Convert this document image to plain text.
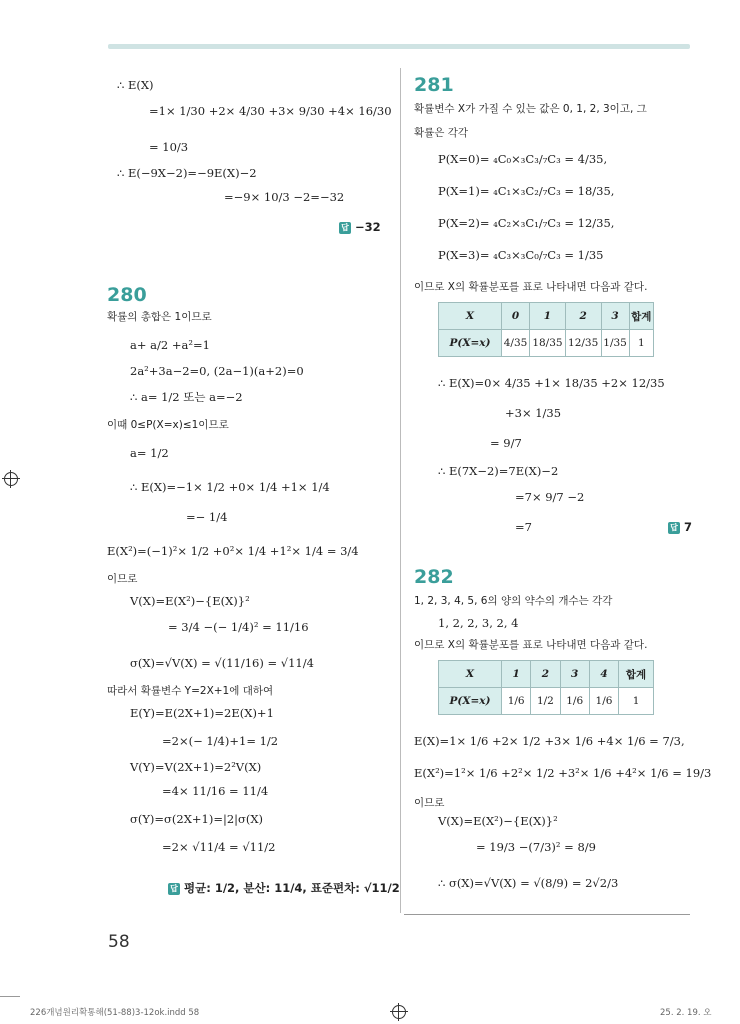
∴ E(X)
=1× 1/30 +2× 4/30 +3× 9/30 +4× 16/30
= 10/3
∴ E(−9X−2)=−9E(X)−2
=−9× 10/3 −2=−32
답 −32
280
확률의 총합은 1이므로
a+ a/2 +a²=1
2a²+3a−2=0, (2a−1)(a+2)=0
∴ a= 1/2 또는 a=−2
이때 0≤P(X=x)≤1이므로
a= 1/2
∴ E(X)=−1× 1/2 +0× 1/4 +1× 1/4
=− 1/4
E(X²)=(−1)²× 1/2 +0²× 1/4 +1²× 1/4 = 3/4
이므로
V(X)=E(X²)−{E(X)}²
= 3/4 −(− 1/4)² = 11/16
σ(X)=√V(X) = √(11/16) = √11/4
따라서 확률변수 Y=2X+1에 대하여
E(Y)=E(2X+1)=2E(X)+1
=2×(− 1/4)+1= 1/2
V(Y)=V(2X+1)=2²V(X)
=4× 11/16 = 11/4
σ(Y)=σ(2X+1)=|2|σ(X)
=2× √11/4 = √11/2
답 평균: 1/2, 분산: 11/4, 표준편차: √11/2
281
확률변수 X가 가질 수 있는 값은 0, 1, 2, 3이고, 그
확률은 각각
P(X=0)= ₄C₀×₃C₃/₇C₃ = 4/35,
P(X=1)= ₄C₁×₃C₂/₇C₃ = 18/35,
P(X=2)= ₄C₂×₃C₁/₇C₃ = 12/35,
P(X=3)= ₄C₃×₃C₀/₇C₃ = 1/35
이므로 X의 확률분포를 표로 나타내면 다음과 같다.
X	0	1	2	3	합계
P(X=x)	4/35	18/35	12/35	1/35	1
∴ E(X)=0× 4/35 +1× 18/35 +2× 12/35
+3× 1/35
= 9/7
∴ E(7X−2)=7E(X)−2
=7× 9/7 −2
=7	답 7
282
1, 2, 3, 4, 5, 6의 양의 약수의 개수는 각각
1, 2, 2, 3, 2, 4
이므로 X의 확률분포를 표로 나타내면 다음과 같다.
X	1	2	3	4	합계
P(X=x)	1/6	1/2	1/6	1/6	1
E(X)=1× 1/6 +2× 1/2 +3× 1/6 +4× 1/6 = 7/3,
E(X²)=1²× 1/6 +2²× 1/2 +3²× 1/6 +4²× 1/6 = 19/3
이므로
V(X)=E(X²)−{E(X)}²
= 19/3 −(7/3)² = 8/9
∴ σ(X)=√V(X) = √(8/9) = 2√2/3
58
226개념원리확통해(51-88)3-12ok.indd 58	25. 2. 19. 오
